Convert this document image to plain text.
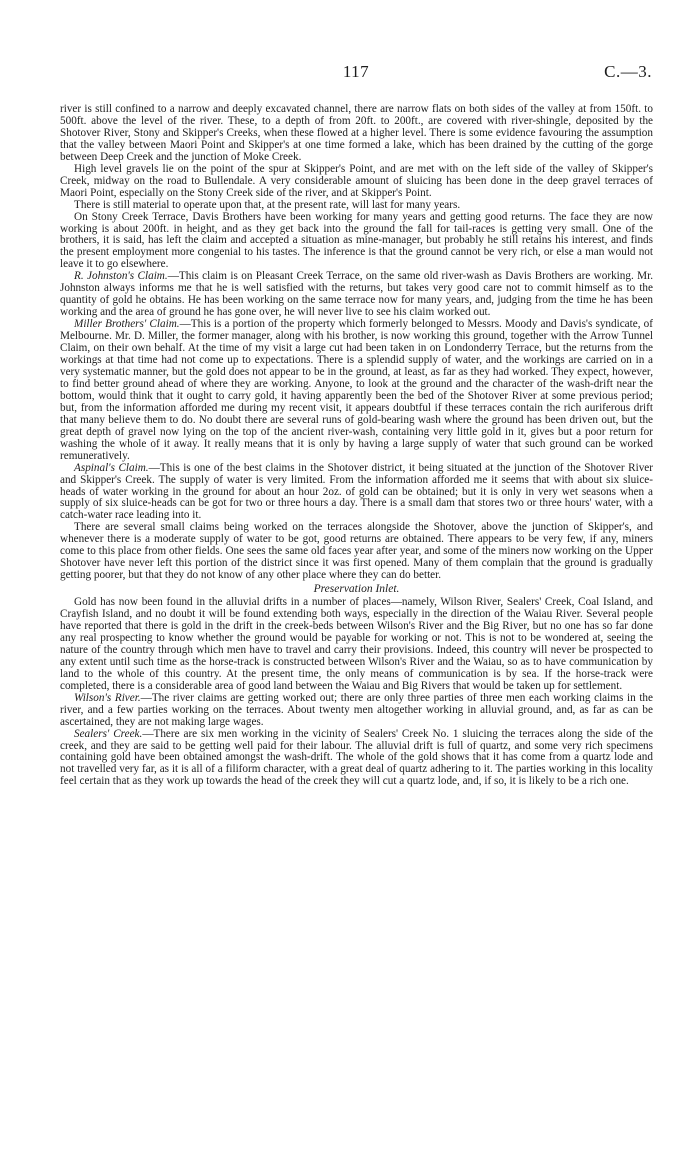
117	C.—3.

river is still confined to a narrow and deeply excavated channel, there are narrow flats on both sides of the valley at from 150ft. to 500ft. above the level of the river. These, to a depth of from 20ft. to 200ft., are covered with river-shingle, deposited by the Shotover River, Stony and Skipper's Creeks, when these flowed at a higher level. There is some evidence favouring the assumption that the valley between Maori Point and Skipper's at one time formed a lake, which has been drained by the cutting of the gorge between Deep Creek and the junction of Moke Creek.

High level gravels lie on the point of the spur at Skipper's Point, and are met with on the left side of the valley of Skipper's Creek, midway on the road to Bullendale. A very considerable amount of sluicing has been done in the deep gravel terraces of Maori Point, especially on the Stony Creek side of the river, and at Skipper's Point.

There is still material to operate upon that, at the present rate, will last for many years.

On Stony Creek Terrace, Davis Brothers have been working for many years and getting good returns. The face they are now working is about 200ft. in height, and as they get back into the ground the fall for tail-races is getting very small. One of the brothers, it is said, has left the claim and accepted a situation as mine-manager, but probably he still retains his interest, and finds the present employment more congenial to his tastes. The inference is that the ground cannot be very rich, or else a man would not leave it to go elsewhere.

R. Johnston's Claim.—This claim is on Pleasant Creek Terrace, on the same old river-wash as Davis Brothers are working. Mr. Johnston always informs me that he is well satisfied with the returns, but takes very good care not to commit himself as to the quantity of gold he obtains. He has been working on the same terrace now for many years, and, judging from the time he has been working and the area of ground he has gone over, he will never live to see his claim worked out.

Miller Brothers' Claim.—This is a portion of the property which formerly belonged to Messrs. Moody and Davis's syndicate, of Melbourne. Mr. D. Miller, the former manager, along with his brother, is now working this ground, together with the Arrow Tunnel Claim, on their own behalf. At the time of my visit a large cut had been taken in on Londonderry Terrace, but the returns from the workings at that time had not come up to expectations. There is a splendid supply of water, and the workings are carried on in a very systematic manner, but the gold does not appear to be in the ground, at least, as far as they had worked. They expect, however, to find better ground ahead of where they are working. Anyone, to look at the ground and the character of the wash-drift near the bottom, would think that it ought to carry gold, it having apparently been the bed of the Shotover River at some previous period; but, from the information afforded me during my recent visit, it appears doubtful if these terraces contain the rich auriferous drift that many believe them to do. No doubt there are several runs of gold-bearing wash where the ground has been driven out, but the great depth of gravel now lying on the top of the ancient river-wash, containing very little gold in it, gives but a poor return for washing the whole of it away. It really means that it is only by having a large supply of water that such ground can be worked remuneratively.

Aspinal's Claim.—This is one of the best claims in the Shotover district, it being situated at the junction of the Shotover River and Skipper's Creek. The supply of water is very limited. From the information afforded me it seems that with about six sluice-heads of water working in the ground for about an hour 2oz. of gold can be obtained; but it is only in very wet seasons when a supply of six sluice-heads can be got for two or three hours a day. There is a small dam that stores two or three hours' water, with a catch-water race leading into it.

There are several small claims being worked on the terraces alongside the Shotover, above the junction of Skipper's, and whenever there is a moderate supply of water to be got, good returns are obtained. There appears to be very few, if any, miners come to this place from other fields. One sees the same old faces year after year, and some of the miners now working on the Upper Shotover have never left this portion of the district since it was first opened. Many of them complain that the ground is gradually getting poorer, but that they do not know of any other place where they can do better.

Preservation Inlet.

Gold has now been found in the alluvial drifts in a number of places—namely, Wilson River, Sealers' Creek, Coal Island, and Crayfish Island, and no doubt it will be found extending both ways, especially in the direction of the Waiau River. Several people have reported that there is gold in the drift in the creek-beds between Wilson's River and the Big River, but no one has so far done any real prospecting to know whether the ground would be payable for working or not. This is not to be wondered at, seeing the nature of the country through which men have to travel and carry their provisions. Indeed, this country will never be prospected to any extent until such time as the horse-track is constructed between Wilson's River and the Waiau, so as to have communication by land to the whole of this country. At the present time, the only means of communication is by sea. If the horse-track were completed, there is a considerable area of good land between the Waiau and Big Rivers that would be taken up for settlement.

Wilson's River.—The river claims are getting worked out; there are only three parties of three men each working claims in the river, and a few parties working on the terraces. About twenty men altogether working in alluvial ground, and, as far as can be ascertained, they are not making large wages.

Sealers' Creek.—There are six men working in the vicinity of Sealers' Creek No. 1 sluicing the terraces along the side of the creek, and they are said to be getting well paid for their labour. The alluvial drift is full of quartz, and some very rich specimens containing gold have been obtained amongst the wash-drift. The whole of the gold shows that it has come from a quartz lode and not travelled very far, as it is all of a filiform character, with a great deal of quartz adhering to it. The parties working in this locality feel certain that as they work up towards the head of the creek they will cut a quartz lode, and, if so, it is likely to be a rich one.
